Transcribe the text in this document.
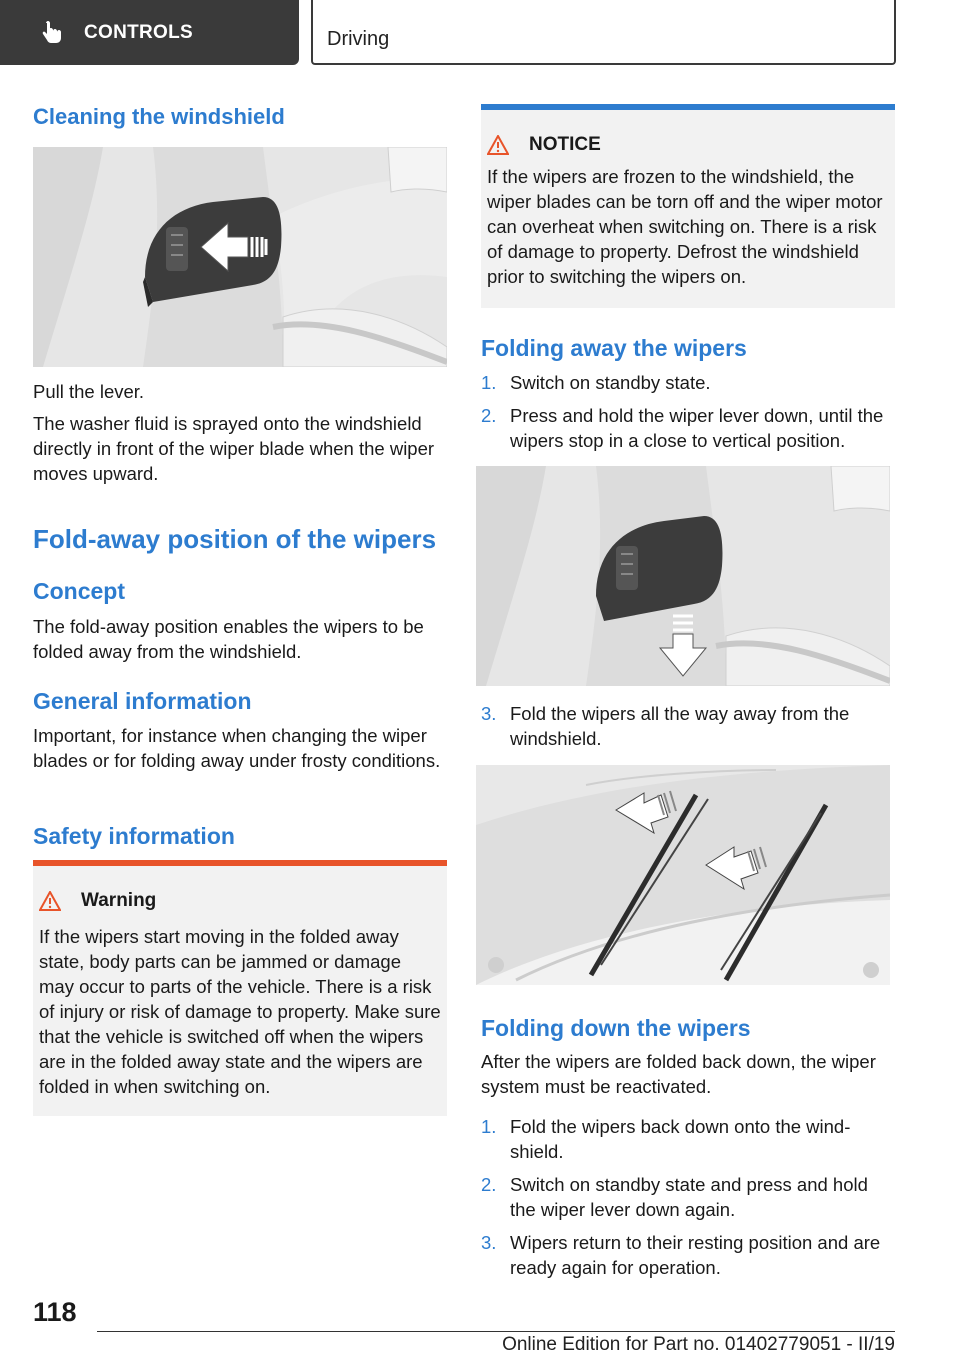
CONTROLS	Driving
Cleaning the windshield
Pull the lever.
The washer fluid is sprayed onto the windshield directly in front of the wiper blade when the wiper moves upward.
Fold-away position of the wipers
Concept
The fold-away position enables the wipers to be folded away from the windshield.
General information
Important, for instance when changing the wiper blades or for folding away under frosty conditions.
Safety information
Warning
If the wipers start moving in the folded away state, body parts can be jammed or damage may occur to parts of the vehicle. There is a risk of injury or risk of damage to property. Make sure that the vehicle is switched off when the wipers are in the folded away state and the wipers are folded in when switching on.
NOTICE
If the wipers are frozen to the windshield, the wiper blades can be torn off and the wiper motor can overheat when switching on. There is a risk of damage to property. Defrost the windshield prior to switching the wipers on.
Folding away the wipers
1. Switch on standby state.
2. Press and hold the wiper lever down, until the wipers stop in a close to vertical position.
3. Fold the wipers all the way away from the windshield.
Folding down the wipers
After the wipers are folded back down, the wiper system must be reactivated.
1. Fold the wipers back down onto the windshield.
2. Switch on standby state and press and hold the wiper lever down again.
3. Wipers return to their resting position and are ready again for operation.
118
Online Edition for Part no. 01402779051 - II/19
